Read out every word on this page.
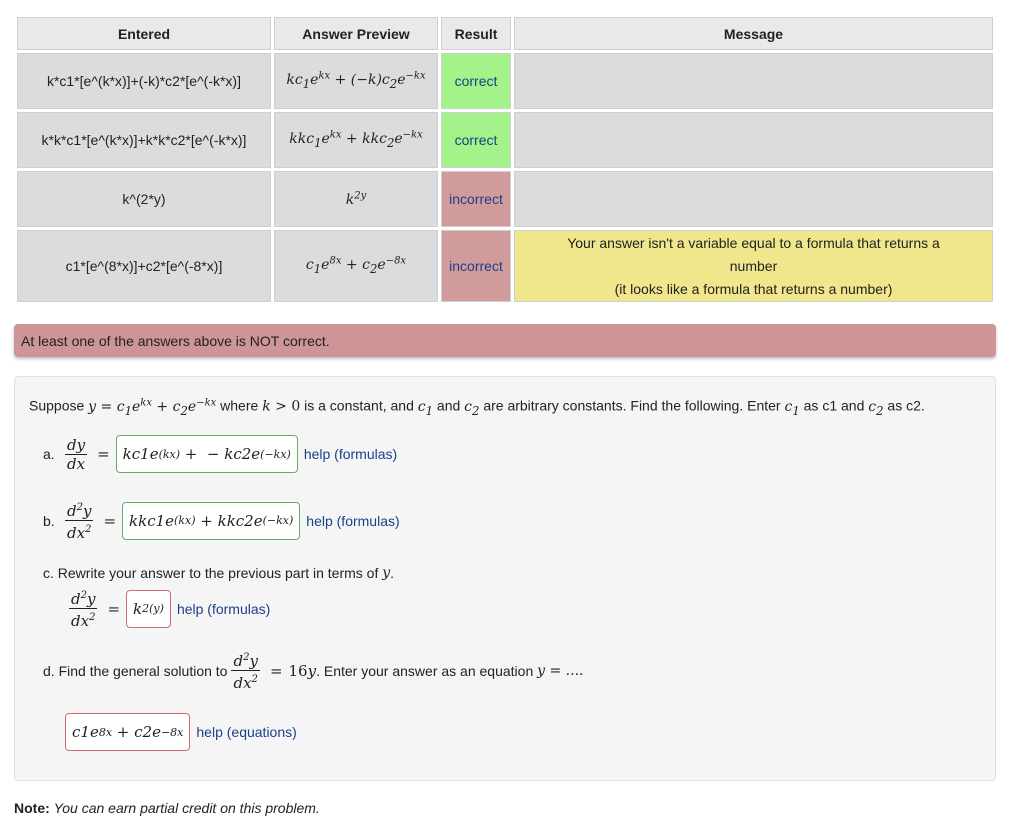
Entered	Answer Preview	Result	Message
k*c1*[e^(k*x)]+(-k)*c2*[e^(-k*x)]	$kc_1e^{kx} + (-k)c_2e^{-kx}$	correct	
k*k*c1*[e^(k*x)]+k*k*c2*[e^(-k*x)]	$kkc_1e^{kx} + kkc_2e^{-kx}$	correct	
k^(2*y)	$k^{2y}$	incorrect	
c1*[e^(8*x)]+c2*[e^(-8*x)]	$c_1e^{8x} + c_2e^{-8x}$	incorrect	Your answer isn't a variable equal to a formula that returns a
number
(it looks like a formula that returns a number)
At least one of the answers above is NOT correct.
Suppose $y = c_1e^{kx} + c_2e^{-kx}$ where k > 0 is a constant, and $c_1$ and $c_2$ are arbitrary constants. Find the following. Enter $c_1$ as c1 and $c_2$ as c2.
a. $\frac{dy}{dx} = kc1e$ (kx) +  − kc2e (−kx) help (formulas)
b. $\frac{d^2y}{dx^2} = kkc1e$ (kx) + kkc2e (−kx) help (formulas)
c. Rewrite your answer to the previous part in terms of
y .
$\frac{d^2y}{dx^2} = k$ 2(y) help (formulas)
d. Find the general solution to $\frac{d^2y}{dx^2} = 16y$ . Enter your answer as an equation
y = ....
c1e 8x + c2e −8x help (equations)
Note: You can earn partial credit on this problem.
